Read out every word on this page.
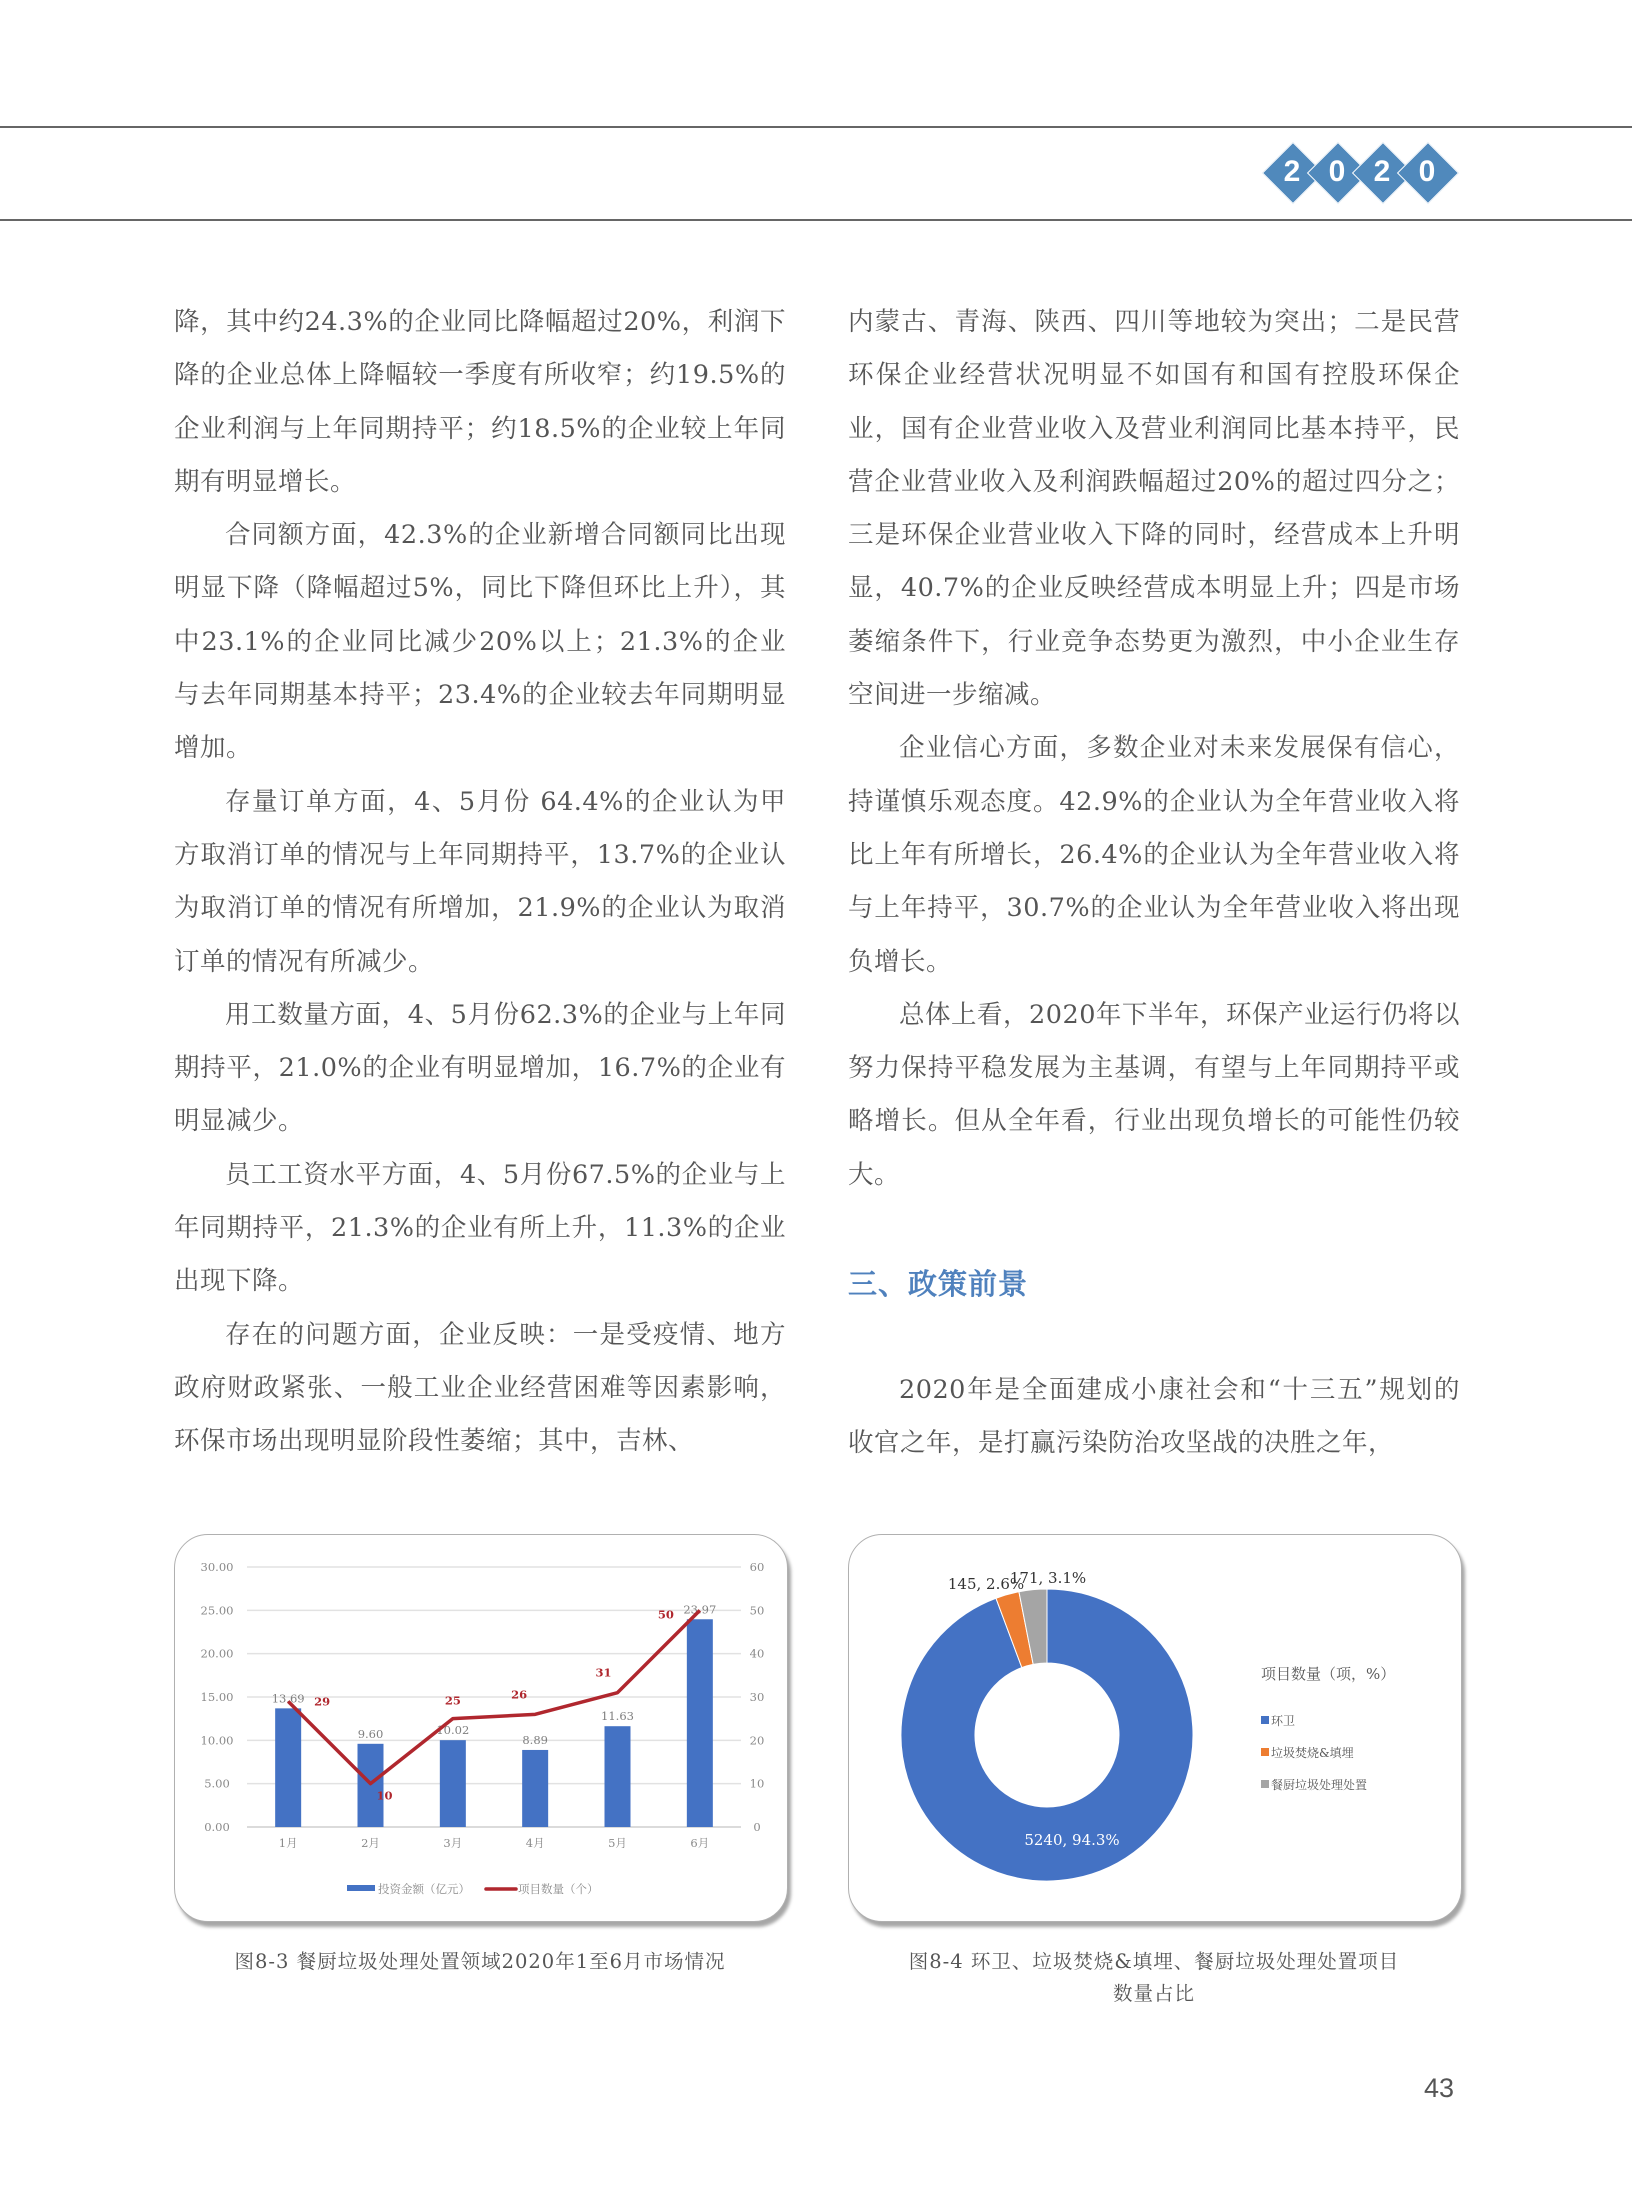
2 0 2 0

降，其中约24.3%的企业同比降幅超过20%，利润下降的企业总体上降幅较一季度有所收窄；约19.5%的企业利润与上年同期持平；约18.5%的企业较上年同期有明显增长。

合同额方面，42.3%的企业新增合同额同比出现明显下降（降幅超过5%，同比下降但环比上升），其中23.1%的企业同比减少20%以上；21.3%的企业与去年同期基本持平；23.4%的企业较去年同期明显增加。

存量订单方面，4、5月份 64.4%的企业认为甲方取消订单的情况与上年同期持平，13.7%的企业认为取消订单的情况有所增加，21.9%的企业认为取消订单的情况有所减少。

用工数量方面，4、5月份62.3%的企业与上年同期持平，21.0%的企业有明显增加，16.7%的企业有明显减少。

员工工资水平方面，4、5月份67.5%的企业与上年同期持平，21.3%的企业有所上升，11.3%的企业出现下降。

存在的问题方面，企业反映：一是受疫情、地方政府财政紧张、一般工业企业经营困难等因素影响，环保市场出现明显阶段性萎缩；其中，吉林、

内蒙古、青海、陕西、四川等地较为突出；二是民营环保企业经营状况明显不如国有和国有控股环保企业，国有企业营业收入及营业利润同比基本持平，民营企业营业收入及利润跌幅超过20%的超过四分之；三是环保企业营业收入下降的同时，经营成本上升明显，40.7%的企业反映经营成本明显上升；四是市场萎缩条件下，行业竞争态势更为激烈，中小企业生存空间进一步缩减。

企业信心方面，多数企业对未来发展保有信心，持谨慎乐观态度。42.9%的企业认为全年营业收入将比上年有所增长，26.4%的企业认为全年营业收入将与上年持平，30.7%的企业认为全年营业收入将出现负增长。

总体上看，2020年下半年，环保产业运行仍将以努力保持平稳发展为主基调，有望与上年同期持平或略增长。但从全年看，行业出现负增长的可能性仍较大。

三、政策前景

2020年是全面建成小康社会和“十三五”规划的收官之年，是打赢污染防治攻坚战的决胜之年，

0.00
5.00
10.00
15.00
20.00
25.00
30.00
0
10
20
30
40
50
60
13.69
1月
9.60
2月
10.02
3月
8.89
4月
11.63
5月
23.97
6月
29
10
25	26
31
50
投资金额（亿元）	项目数量（个）
图8-3 餐厨垃圾处理处置领域2020年1至6月市场情况
5240, 94.3%
145, 2.6%
171, 3.1%
项目数量（项，%）
环卫
垃圾焚烧&填埋
餐厨垃圾处理处置
图8-4 环卫、垃圾焚烧&填埋、餐厨垃圾处理处置项目
数量占比
43
